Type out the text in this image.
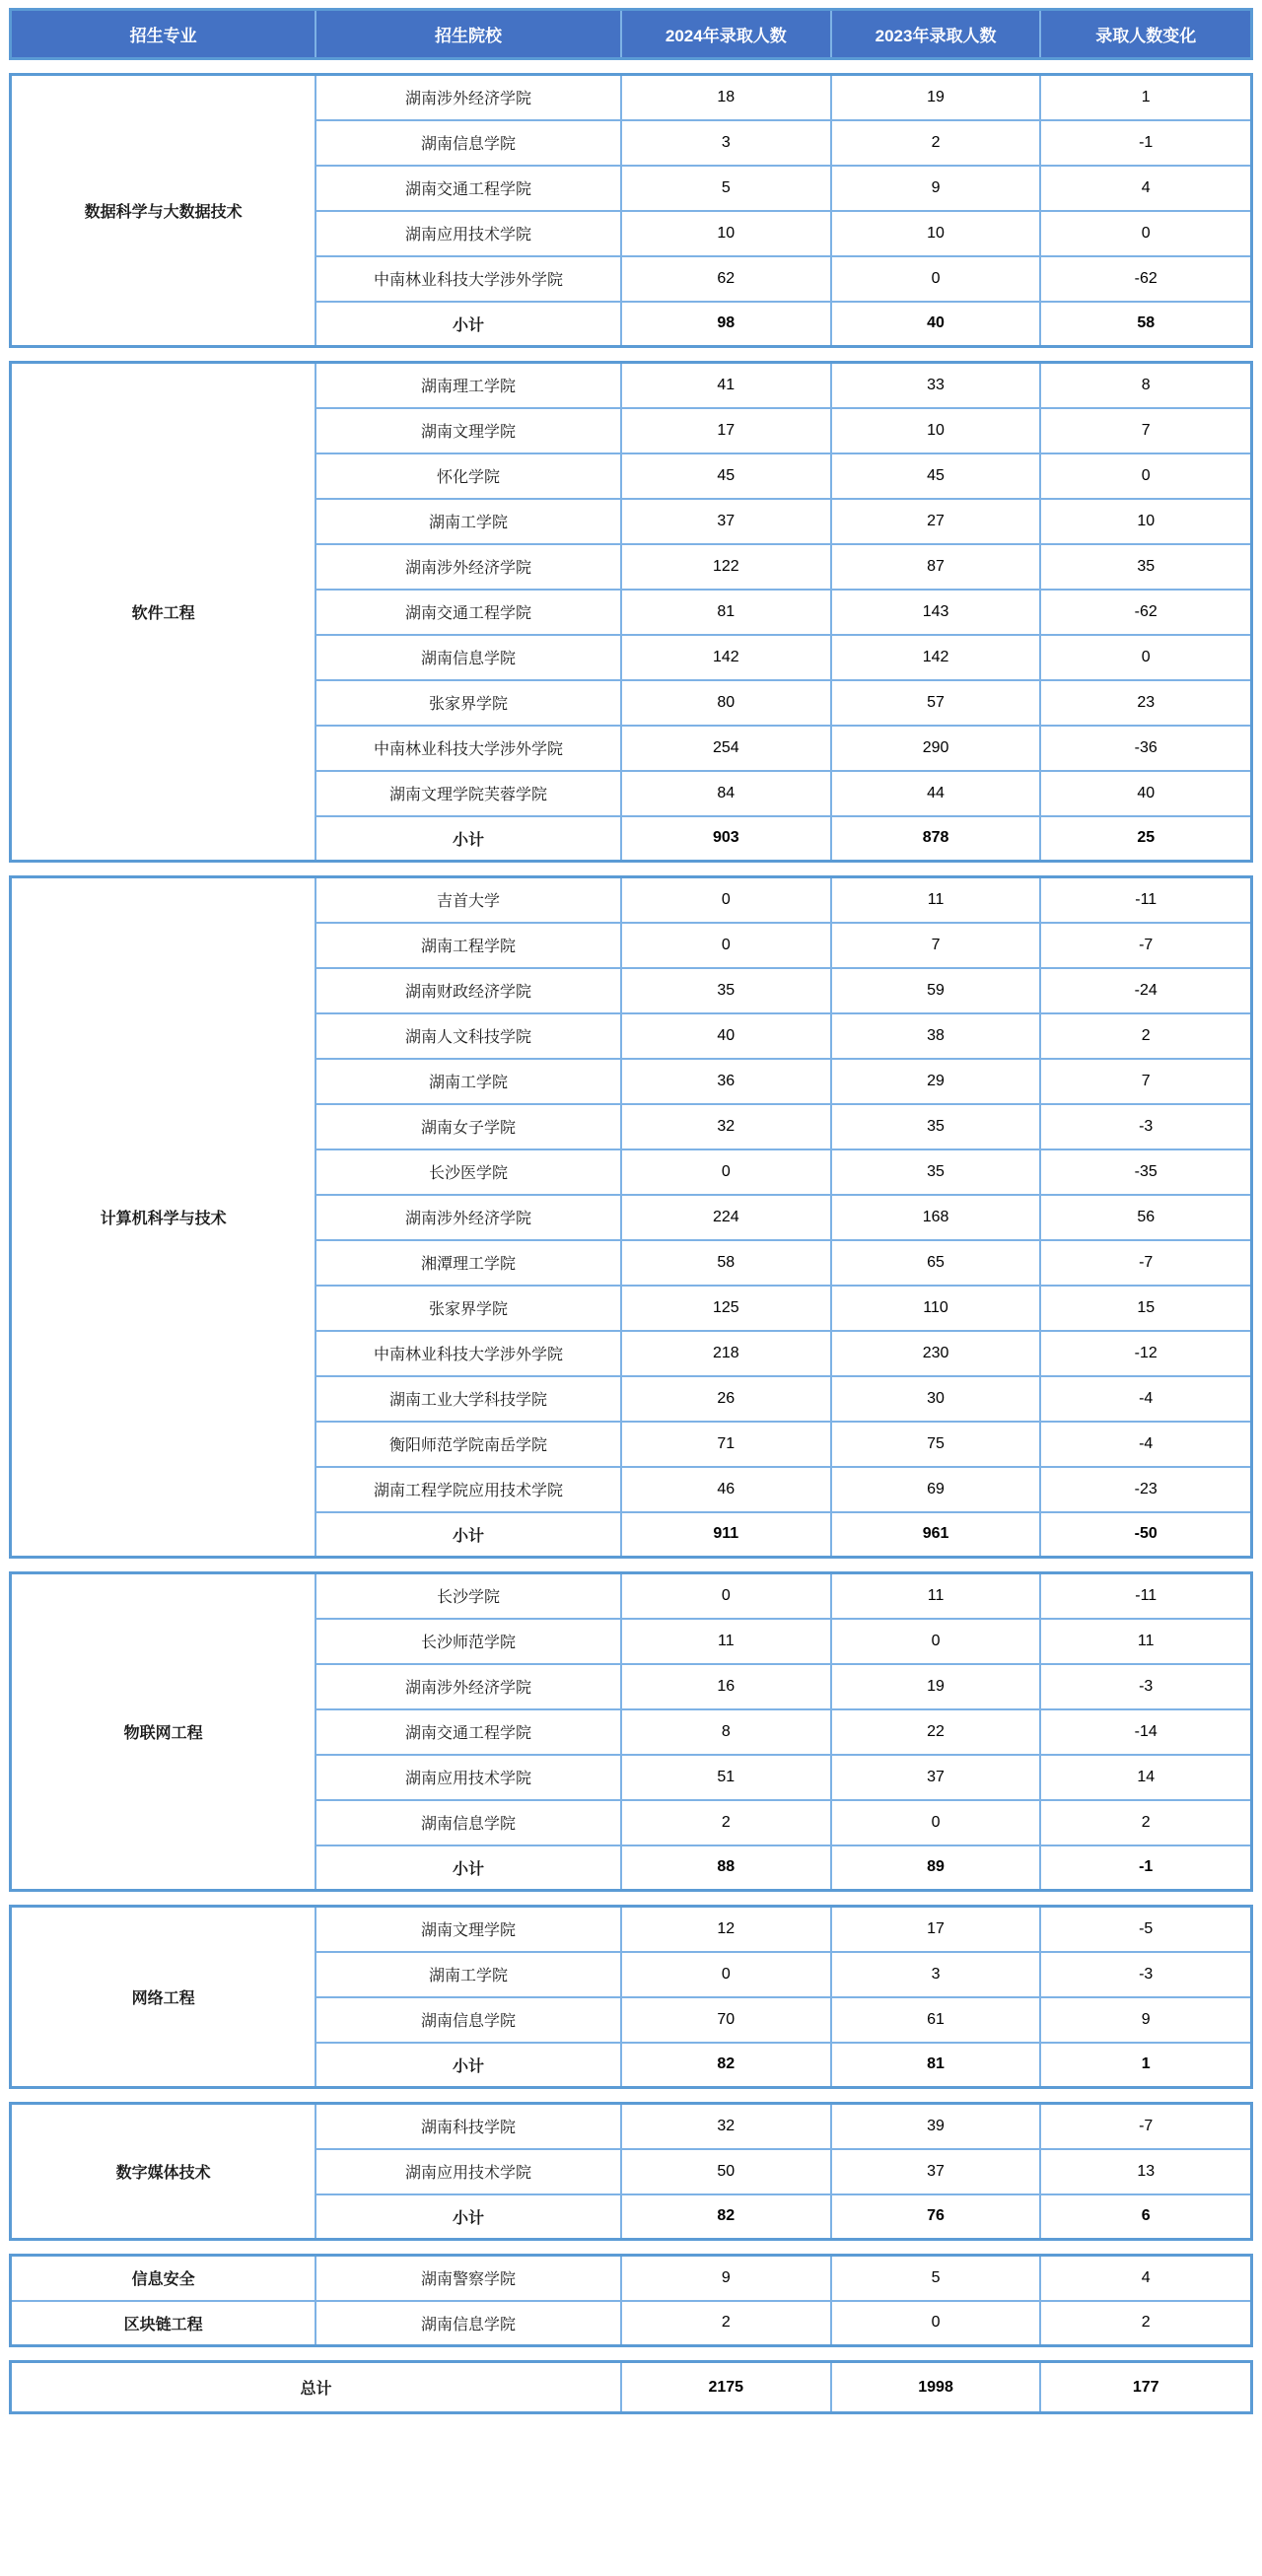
招生专业	招生院校	2024年录取人数	2023年录取人数	录取人数变化
数据科学与大数据技术	湖南涉外经济学院	18	19	1
	湖南信息学院	3	2	-1
	湖南交通工程学院	5	9	4
	湖南应用技术学院	10	10	0
	中南林业科技大学涉外学院	62	0	-62
	小计	98	40	58
软件工程	湖南理工学院	41	33	8
	湖南文理学院	17	10	7
	怀化学院	45	45	0
	湖南工学院	37	27	10
	湖南涉外经济学院	122	87	35
	湖南交通工程学院	81	143	-62
	湖南信息学院	142	142	0
	张家界学院	80	57	23
	中南林业科技大学涉外学院	254	290	-36
	湖南文理学院芙蓉学院	84	44	40
	小计	903	878	25
计算机科学与技术	吉首大学	0	11	-11
	湖南工程学院	0	7	-7
	湖南财政经济学院	35	59	-24
	湖南人文科技学院	40	38	2
	湖南工学院	36	29	7
	湖南女子学院	32	35	-3
	长沙医学院	0	35	-35
	湖南涉外经济学院	224	168	56
	湘潭理工学院	58	65	-7
	张家界学院	125	110	15
	中南林业科技大学涉外学院	218	230	-12
	湖南工业大学科技学院	26	30	-4
	衡阳师范学院南岳学院	71	75	-4
	湖南工程学院应用技术学院	46	69	-23
	小计	911	961	-50
物联网工程	长沙学院	0	11	-11
	长沙师范学院	11	0	11
	湖南涉外经济学院	16	19	-3
	湖南交通工程学院	8	22	-14
	湖南应用技术学院	51	37	14
	湖南信息学院	2	0	2
	小计	88	89	-1
网络工程	湖南文理学院	12	17	-5
	湖南工学院	0	3	-3
	湖南信息学院	70	61	9
	小计	82	81	1
数字媒体技术	湖南科技学院	32	39	-7
	湖南应用技术学院	50	37	13
	小计	82	76	6
信息安全	湖南警察学院	9	5	4
区块链工程	湖南信息学院	2	0	2
总计	2175	1998	177
